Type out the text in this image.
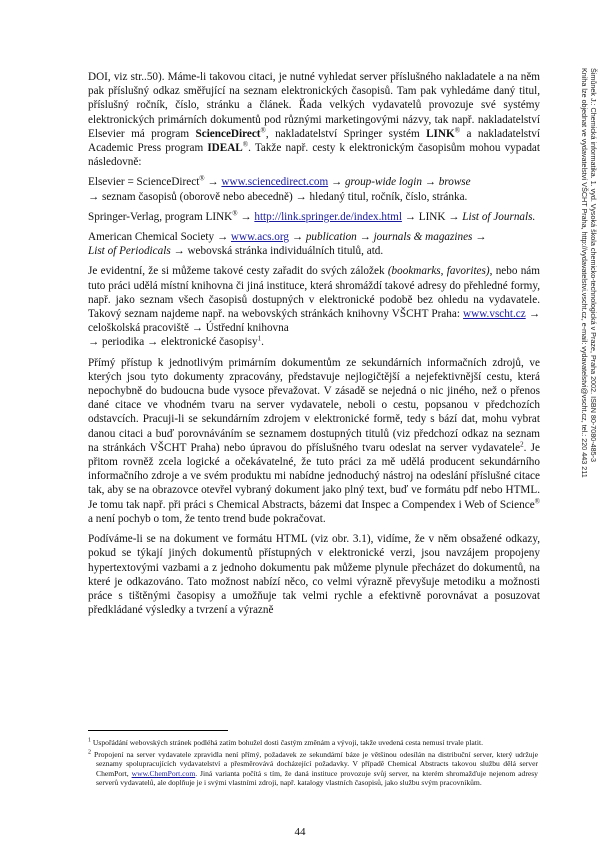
Šimůnek J.: Chemická informatika. 1. vyd. Vysoká škola chemicko-technologická v Praze, Praha 2002. ISBN 80-7080-485-3
Kniha lze objednat ve vydavatelství VŠCHT Praha, http://vydavatelstvi.vscht.cz, e-mail: vydavatelstvi@vscht.cz, tel.: 220 443 211

DOI, viz str..50). Máme-li takovou citaci, je nutné vyhledat server příslušného nakladatele a na něm pak příslušný odkaz směřující na seznam elektronických časopisů. Tam pak vyhledáme daný titul, příslušný ročník, číslo, stránku a článek. Řada velkých vydavatelů provozuje své systémy elektronických primárních dokumentů pod různými marketingovými názvy, tak např. nakladatelství Elsevier má program ScienceDirect®, nakladatelství Springer systém LINK® a nakladatelství Academic Press program IDEAL®. Takže např. cesty k elektronickým časopisům mohou vypadat následovně:

Elsevier = ScienceDirect® → www.sciencedirect.com → group-wide login → browse
→ seznam časopisů (oborově nebo abecedně) → hledaný titul, ročník, číslo, stránka.

Springer-Verlag, program LINK® → http://link.springer.de/index.html → LINK → List of Journals.

American Chemical Society → www.acs.org → publication → journals & magazines →
List of Periodicals → webovská stránka individuálních titulů, atd.

Je evidentní, že si můžeme takové cesty zařadit do svých záložek (bookmarks, favorites), nebo nám tuto práci udělá místní knihovna či jiná instituce, která shromáždí takové adresy do přehledné formy, např. jako seznam všech časopisů dostupných v elektronické podobě bez ohledu na vydavatele. Takový seznam najdeme např. na webovských stránkách knihovny VŠCHT Praha: www.vscht.cz → celoškolská pracoviště → Ústřední knihovna
→ periodika → elektronické časopisy$^1$.

Přímý přístup k jednotlivým primárním dokumentům ze sekundárních informačních zdrojů, ve kterých jsou tyto dokumenty zpracovány, představuje nejlogičtější a nejefektivnější cestu, která nepochybně do budoucna bude vysoce převažovat. V zásadě se nejedná o nic jiného, než o přenos dané citace ve vhodném tvaru na server vydavatele, neboli o cestu, popsanou v předchozích odstavcích. Pracuji-li se sekundárním zdrojem v elektronické formě, tedy s bází dat, mohu vybrat danou citaci a buď porovnáváním se seznamem dostupných titulů (viz předchozí odkaz na seznam na stránkách VŠCHT Praha) nebo úpravou do příslušného tvaru odeslat na server vydavatele$^2$. Je přitom rovněž zcela logické a očekávatelné, že tuto práci za mě udělá producent sekundárního informačního zdroje a ve svém produktu mi nabídne jednoduchý nástroj na odeslání příslušné citace tak, aby se na obrazovce otevřel vybraný dokument jako plný text, buď ve formátu pdf nebo HTML. Je tomu tak např. při práci s Chemical Abstracts, bázemi dat Inspec a Compendex i Web of Science® a není pochyb o tom, že tento trend bude pokračovat.

Podíváme-li se na dokument ve formátu HTML (viz obr. 3.1), vidíme, že v něm obsažené odkazy, pokud se týkají jiných dokumentů přístupných v elektronické verzi, jsou navzájem propojeny hypertextovými vazbami a z jednoho dokumentu pak můžeme plynule přecházet do dokumentů, na které je odkazováno. Tato možnost nabízí něco, co velmi výrazně převyšuje metodiku a možnosti práce s tištěnými časopisy a umožňuje tak velmi rychle a efektivně porovnávat a posuzovat předkládané výsledky a tvrzení a výrazně

$^1$ Uspořádání webovských stránek podléhá zatím bohužel dosti častým změnám a vývoji, takže uvedená cesta nemusí trvale platit.
$^2$ Propojení na server vydavatele zpravidla není přímý, požadavek ze sekundární báze je většinou odesílán na distribuční server, který udržuje seznamy spolupracujících vydavatelství a přesměrovává docházející požadavky. V případě Chemical Abstracts takovou službu dělá server ChemPort, www.ChemPort.com. Jiná varianta počítá s tím, že daná instituce provozuje svůj server, na kterém shromažďuje nejenom adresy serverů vydavatelů, ale doplňuje je i svými vlastními zdroji, např. katalogy vlastních časopisů, jako službu svým pracovníkům.
44
